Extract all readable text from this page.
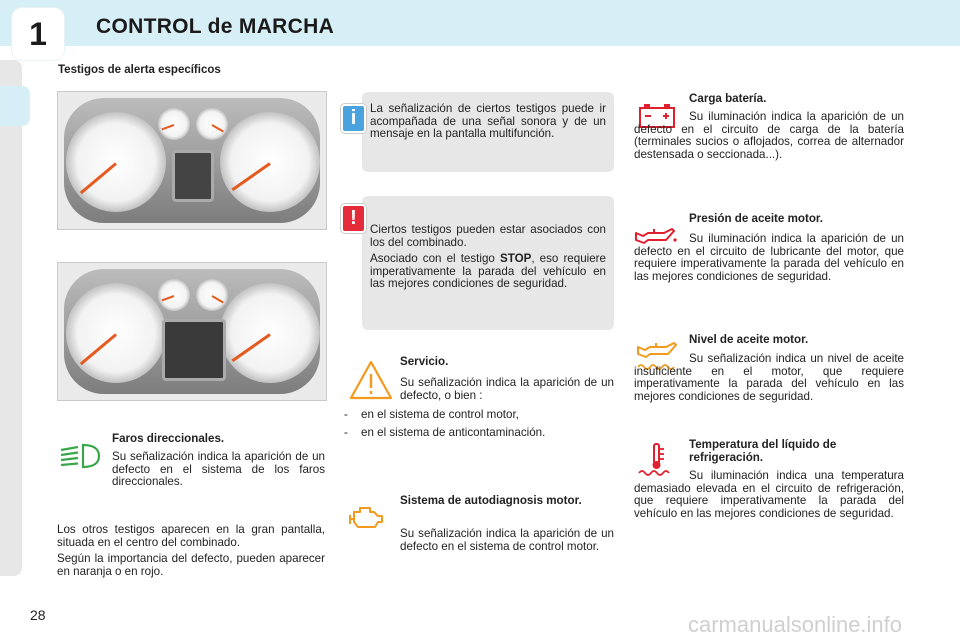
1	CONTROL de MARCHA
Testigos de alerta específicos
i	La señalización de ciertos testigos puede ir acompañada de una señal sonora y de un mensaje en la pantalla multifunción.
!

Ciertos testigos pueden estar asociados con los del combinado.

Asociado con el testigo STOP, eso requiere imperativamente la parada del vehículo en las mejores condiciones de seguridad.

Servicio.
Su señalización indica la aparición de un defecto, o bien :

- en el sistema de control motor,

- en el sistema de anticontaminación.

Faros direccionales.
Su señalización indica la aparición de un defecto en el sistema de los faros direccionales.

Los otros testigos aparecen en la gran pantalla, situada en el centro del combinado.

Según la importancia del defecto, pueden aparecer en naranja o en rojo.

Sistema de autodiagnosis motor.
Su señalización indica la aparición de un defecto en el sistema de control motor.
Carga batería.
Su iluminación indica la aparición de un defecto en el circuito de carga de la batería (terminales sucios o aflojados, correa de alternador destensada o seccionada...).
Presión de aceite motor.
Su iluminación indica la aparición de un defecto en el circuito de lubricante del motor, que requiere imperativamente la parada del vehículo en las mejores condiciones de seguridad.
Nivel de aceite motor.
Su señalización indica un nivel de aceite insuficiente en el motor, que requiere imperativamente la parada del vehículo en las mejores condiciones de seguridad.
Temperatura del líquido de refrigeración.
Su iluminación indica una temperatura demasiado elevada en el circuito de refrigeración, que requiere imperativamente la parada del vehículo en las mejores condiciones de seguridad.
28	carmanualsonline.info
